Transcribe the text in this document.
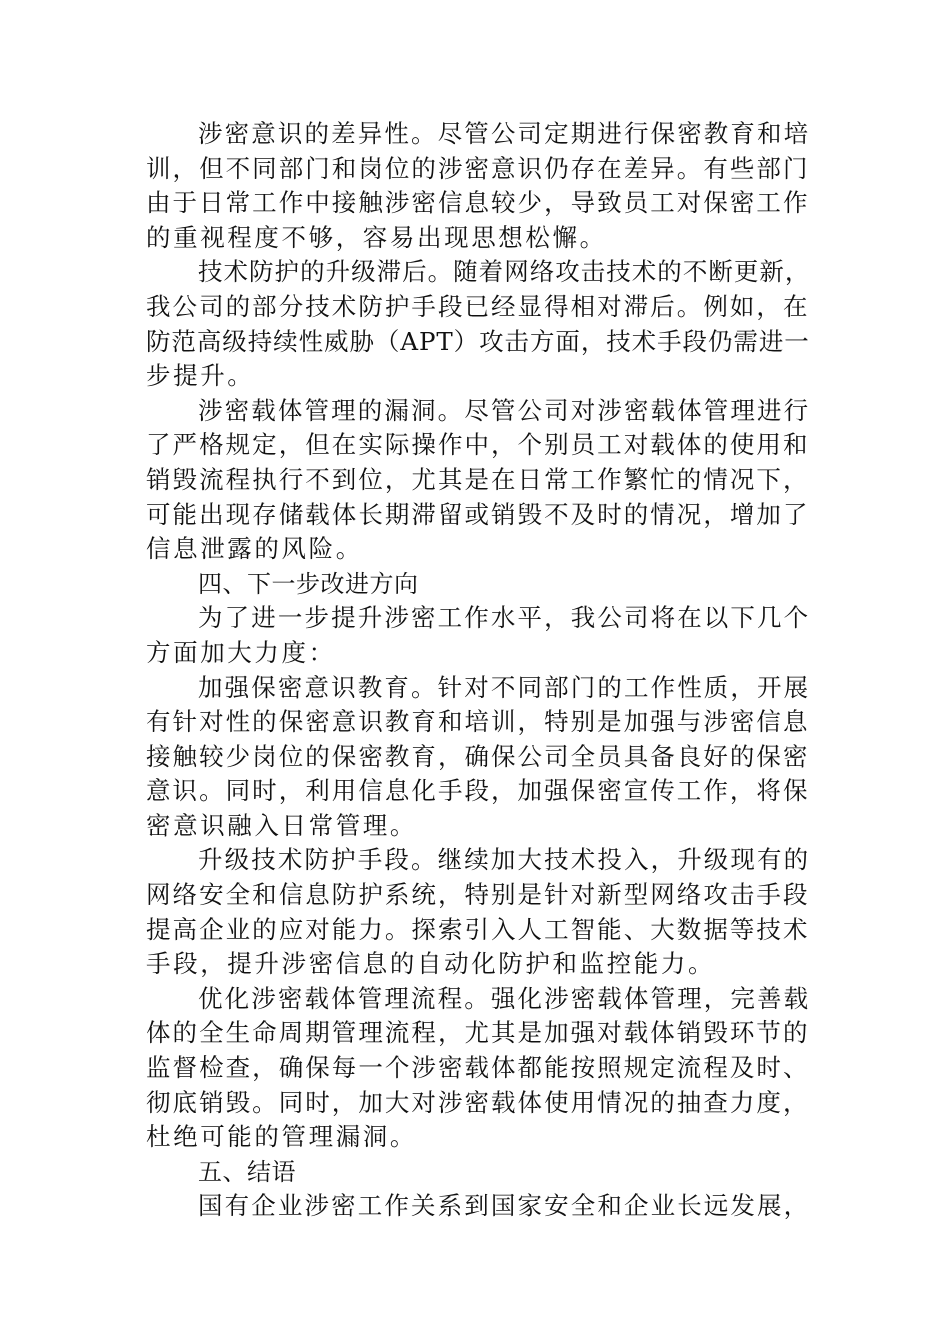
涉密意识的差异性。尽管公司定期进行保密教育和培
训，但不同部门和岗位的涉密意识仍存在差异。有些部门
由于日常工作中接触涉密信息较少，导致员工对保密工作
的重视程度不够，容易出现思想松懈。
技术防护的升级滞后。随着网络攻击技术的不断更新，
我公司的部分技术防护手段已经显得相对滞后。例如，在
防范高级持续性威胁（APT）攻击方面，技术手段仍需进一
步提升。
涉密载体管理的漏洞。尽管公司对涉密载体管理进行
了严格规定，但在实际操作中，个别员工对载体的使用和
销毁流程执行不到位，尤其是在日常工作繁忙的情况下，
可能出现存储载体长期滞留或销毁不及时的情况，增加了
信息泄露的风险。
四、下一步改进方向
为了进一步提升涉密工作水平，我公司将在以下几个
方面加大力度：
加强保密意识教育。针对不同部门的工作性质，开展
有针对性的保密意识教育和培训，特别是加强与涉密信息
接触较少岗位的保密教育，确保公司全员具备良好的保密
意识。同时，利用信息化手段，加强保密宣传工作，将保
密意识融入日常管理。
升级技术防护手段。继续加大技术投入，升级现有的
网络安全和信息防护系统，特别是针对新型网络攻击手段
提高企业的应对能力。探索引入人工智能、大数据等技术
手段，提升涉密信息的自动化防护和监控能力。
优化涉密载体管理流程。强化涉密载体管理，完善载
体的全生命周期管理流程，尤其是加强对载体销毁环节的
监督检查，确保每一个涉密载体都能按照规定流程及时、
彻底销毁。同时，加大对涉密载体使用情况的抽查力度，
杜绝可能的管理漏洞。
五、结语
国有企业涉密工作关系到国家安全和企业长远发展，
